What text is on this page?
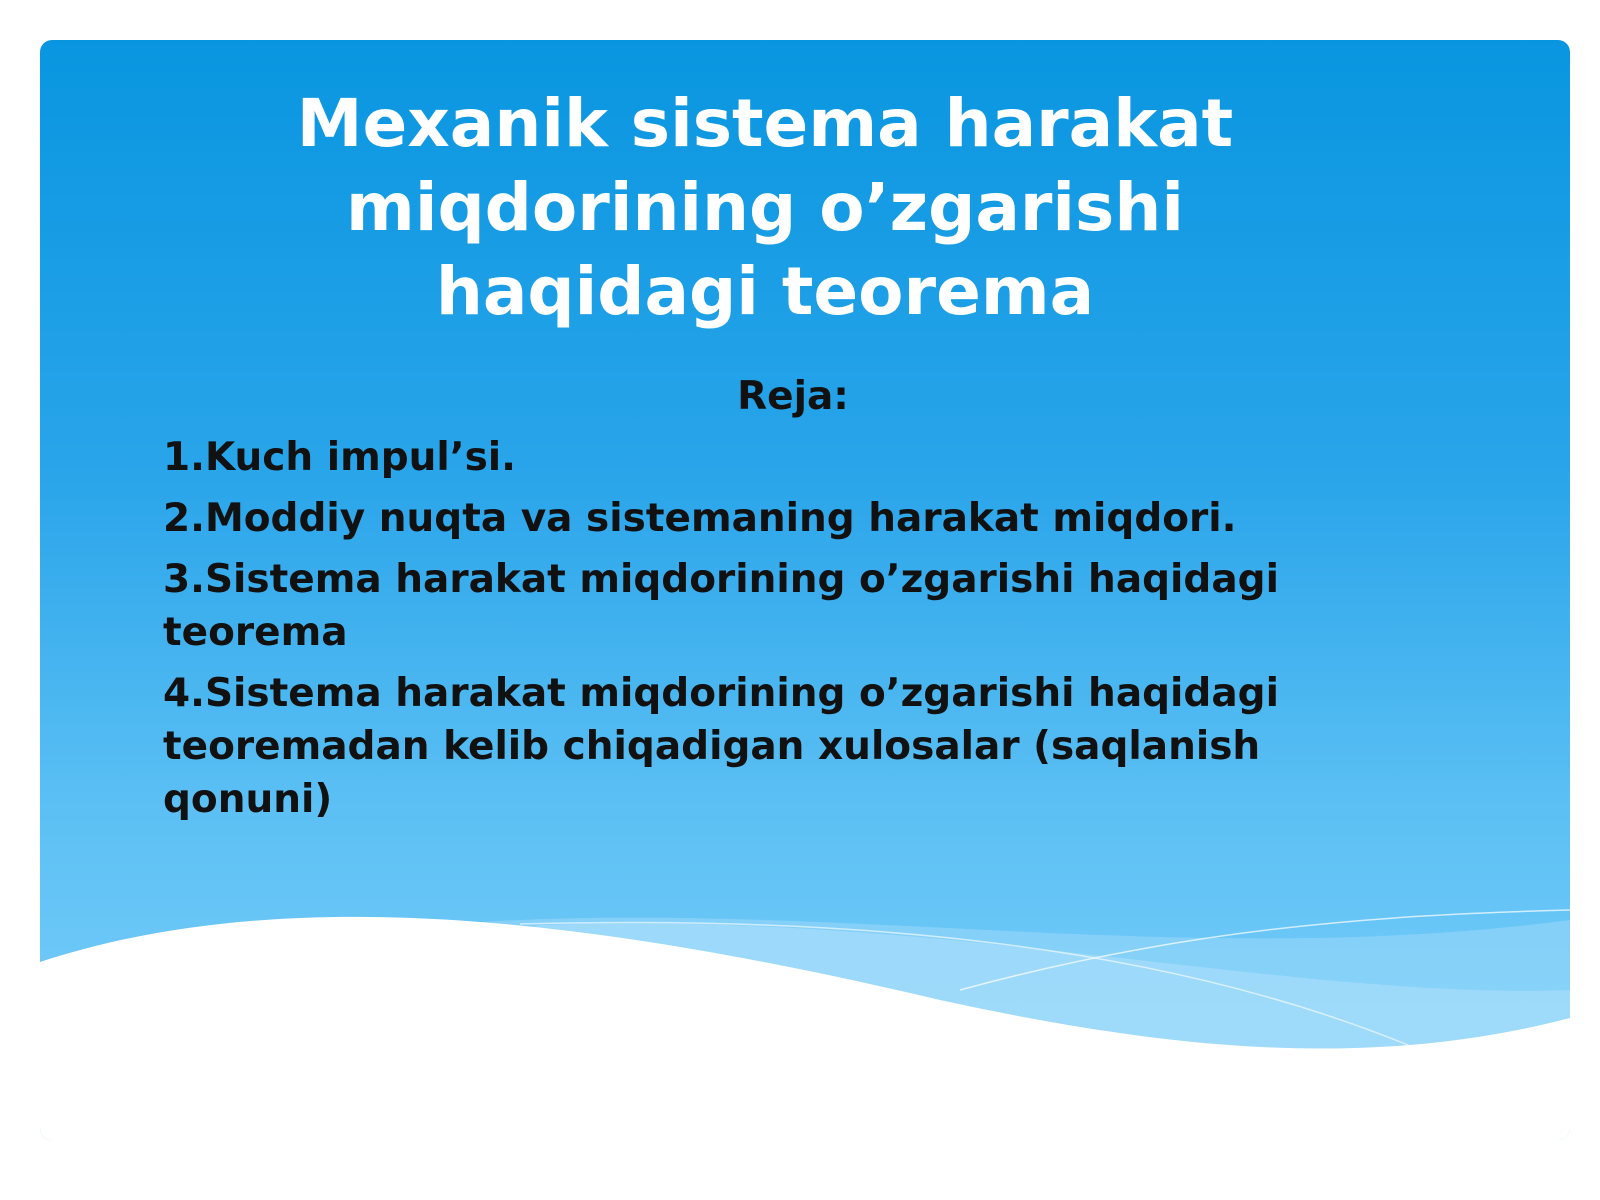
Mexanik sistema harakat miqdorining o’zgarishi haqidagi teorema

Reja:

1.Kuch impul’si.
2.Moddiy nuqta va sistemaning harakat miqdori.
3.Sistema harakat miqdorining o’zgarishi haqidagi teorema
4.Sistema harakat miqdorining o’zgarishi haqidagi teoremadan kelib chiqadigan xulosalar (saqlanish qonuni)
